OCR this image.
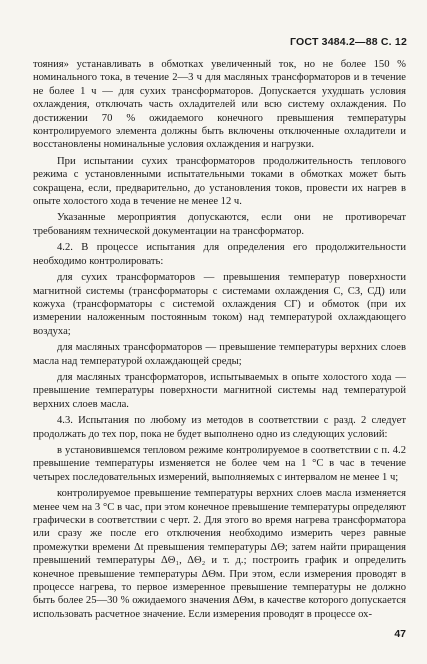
ГОСТ 3484.2—88 С. 12

тояния» устанавливать в обмотках увеличенный ток, но не более 150 % номинального тока, в течение 2—3 ч для масляных трансформаторов и в течение не более 1 ч — для сухих трансформаторов. Допускается ухудшать условия охлаждения, отключать часть охладителей или всю систему охлаждения. По достижении 70 % ожидаемого конечного превышения температуры контролируемого элемента должны быть включены отключенные охладители и восстановлены номинальные условия охлаждения и нагрузки.

При испытании сухих трансформаторов продолжительность теплового режима с установленными испытательными токами в обмотках может быть сокращена, если, предварительно, до установления токов, провести их нагрев в опыте холостого хода в течение не менее 12 ч.

Указанные мероприятия допускаются, если они не противоречат требованиям технической документации на трансформатор.

4.2. В процессе испытания для определения его продолжительности необходимо контролировать:

для сухих трансформаторов — превышения температур поверхности магнитной системы (трансформаторы с системами охлаждения С, СЗ, СД) или кожуха (трансформаторы с системой охлаждения СГ) и обмоток (при их измерении наложенным постоянным током) над температурой охлаждающего воздуха;

для масляных трансформаторов — превышение температуры верхних слоев масла над температурой охлаждающей среды;

для масляных трансформаторов, испытываемых в опыте холостого хода — превышение температуры поверхности магнитной системы над температурой верхних слоев масла.

4.3. Испытания по любому из методов в соответствии с разд. 2 следует продолжать до тех пор, пока не будет выполнено одно из следующих условий:

в установившемся тепловом режиме контролируемое в соответствии с п. 4.2 превышение температуры изменяется не более чем на 1 °С в час в течение четырех последовательных измерений, выполняемых с интервалом не менее 1 ч;

контролируемое превышение температуры верхних слоев масла изменяется менее чем на 3 °С в час, при этом конечное превышение температуры определяют графически в соответствии с черт. 2. Для этого во время нагрева трансформатора или сразу же после его отключения необходимо измерить через равные промежутки времени Δt превышения температуры ΔΘ; затем найти приращения превышений температуры ΔΘ₁, ΔΘ₂ и т. д.; построить график и определить конечное превышение температуры ΔΘм. При этом, если измерения проводят в процессе нагрева, то первое измеренное превышение температуры не должно быть более 25—30 % ожидаемого значения ΔΘм, в качестве которого допускается использовать расчетное значение. Если измерения проводят в процессе ох-

47
